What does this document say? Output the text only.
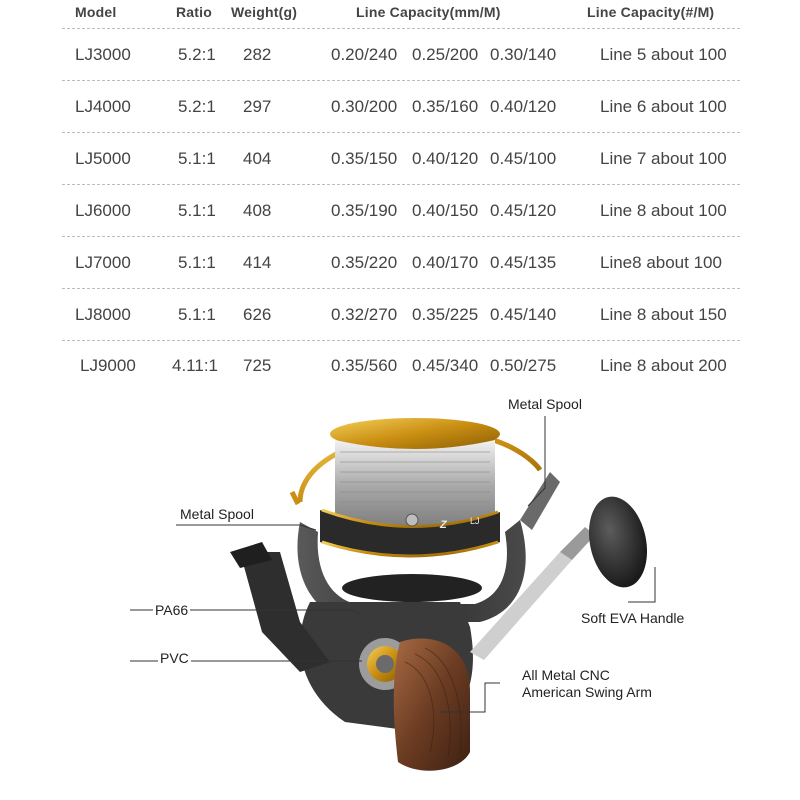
Model	Ratio Weight(g)	Line Capacity(mm/M)	Line Capacity(#/M)
LJ3000	5.2:1 282	0.20/240 0.25/200 0.30/140	Line 5 about 100
LJ4000	5.2:1 297	0.30/200 0.35/160 0.40/120	Line 6 about 100
LJ5000	5.1:1 404	0.35/150 0.40/120 0.45/100	Line 7 about 100
LJ6000	5.1:1 408	0.35/190 0.40/150 0.45/120	Line 8 about 100
LJ7000	5.1:1 414	0.35/220 0.40/170 0.45/135	Line8 about 100
LJ8000	5.1:1 626	0.32/270 0.35/225 0.45/140	Line 8 about 150
LJ9000 4.11:1 725	0.35/560 0.45/340 0.50/275	Line 8 about 200
Z	LJ
Metal Spool
Metal Spool
PA66
PVC
Soft EVA Handle
All Metal CNC
American Swing Arm
